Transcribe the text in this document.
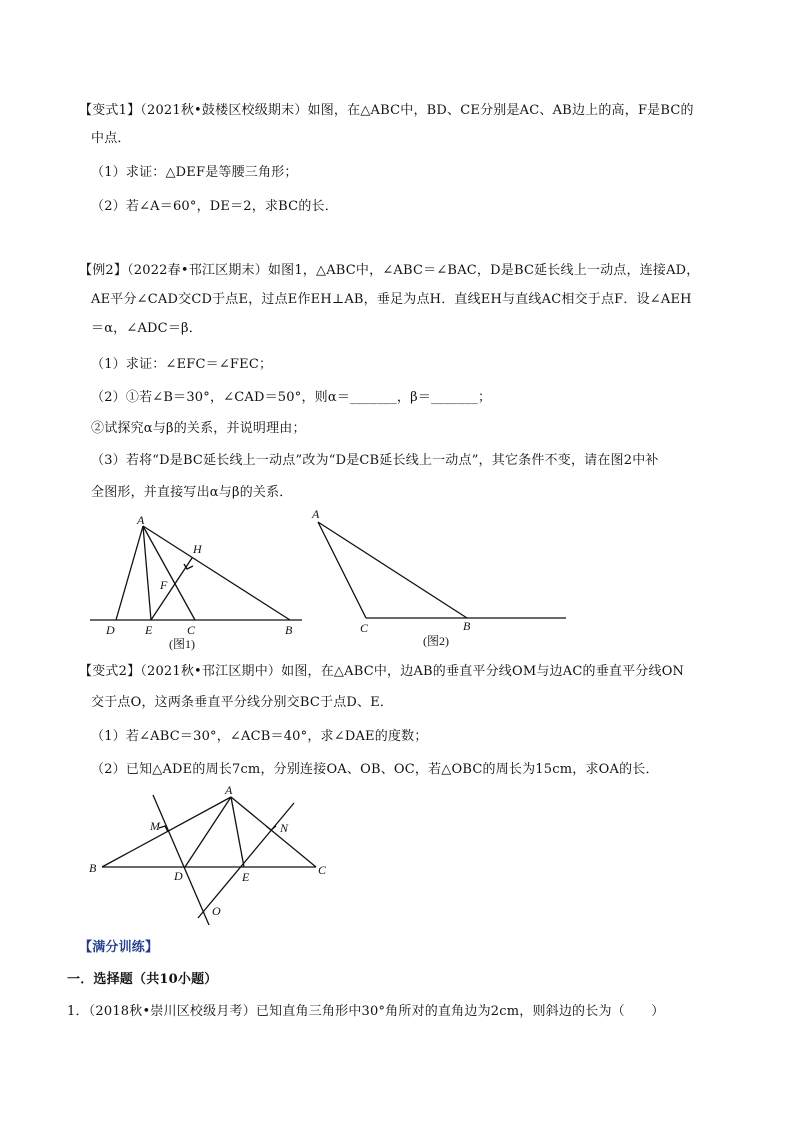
【变式1】（2021秋•鼓楼区校级期末）如图，在△ABC中，BD、CE分别是AC、AB边上的高，F是BC的
中点．
（1）求证：△DEF是等腰三角形；
（2）若∠A＝60°，DE＝2，求BC的长．
【例2】（2022春•邗江区期末）如图1，△ABC中，∠ABC＝∠BAC，D是BC延长线上一动点，连接AD，
AE平分∠CAD交CD于点E，过点E作EH⊥AB，垂足为点H．直线EH与直线AC相交于点F．设∠AEH
＝α，∠ADC＝β．
（1）求证：∠EFC＝∠FEC；
（2）①若∠B＝30°，∠CAD＝50°，则α＝_______，β＝_______；
②试探究α与β的关系，并说明理由；
（3）若将“D是BC延长线上一动点”改为“D是CB延长线上一动点”，其它条件不变，请在图2中补
全图形，并直接写出α与β的关系．
A
H
F
D	E	C	B
(图1)
A
C	B
(图2)
【变式2】（2021秋•邗江区期中）如图，在△ABC中，边AB的垂直平分线OM与边AC的垂直平分线ON
交于点O，这两条垂直平分线分别交BC于点D、E．
（1）若∠ABC＝30°，∠ACB＝40°，求∠DAE的度数；
（2）已知△ADE的周长7cm，分别连接OA、OB、OC，若△OBC的周长为15cm，求OA的长．
A
M	N
B
D	E	C
O
【满分训练】
一．选择题（共10小题）
1．（2018秋•崇川区校级月考）已知直角三角形中30°角所对的直角边为2cm，则斜边的长为（　　）
